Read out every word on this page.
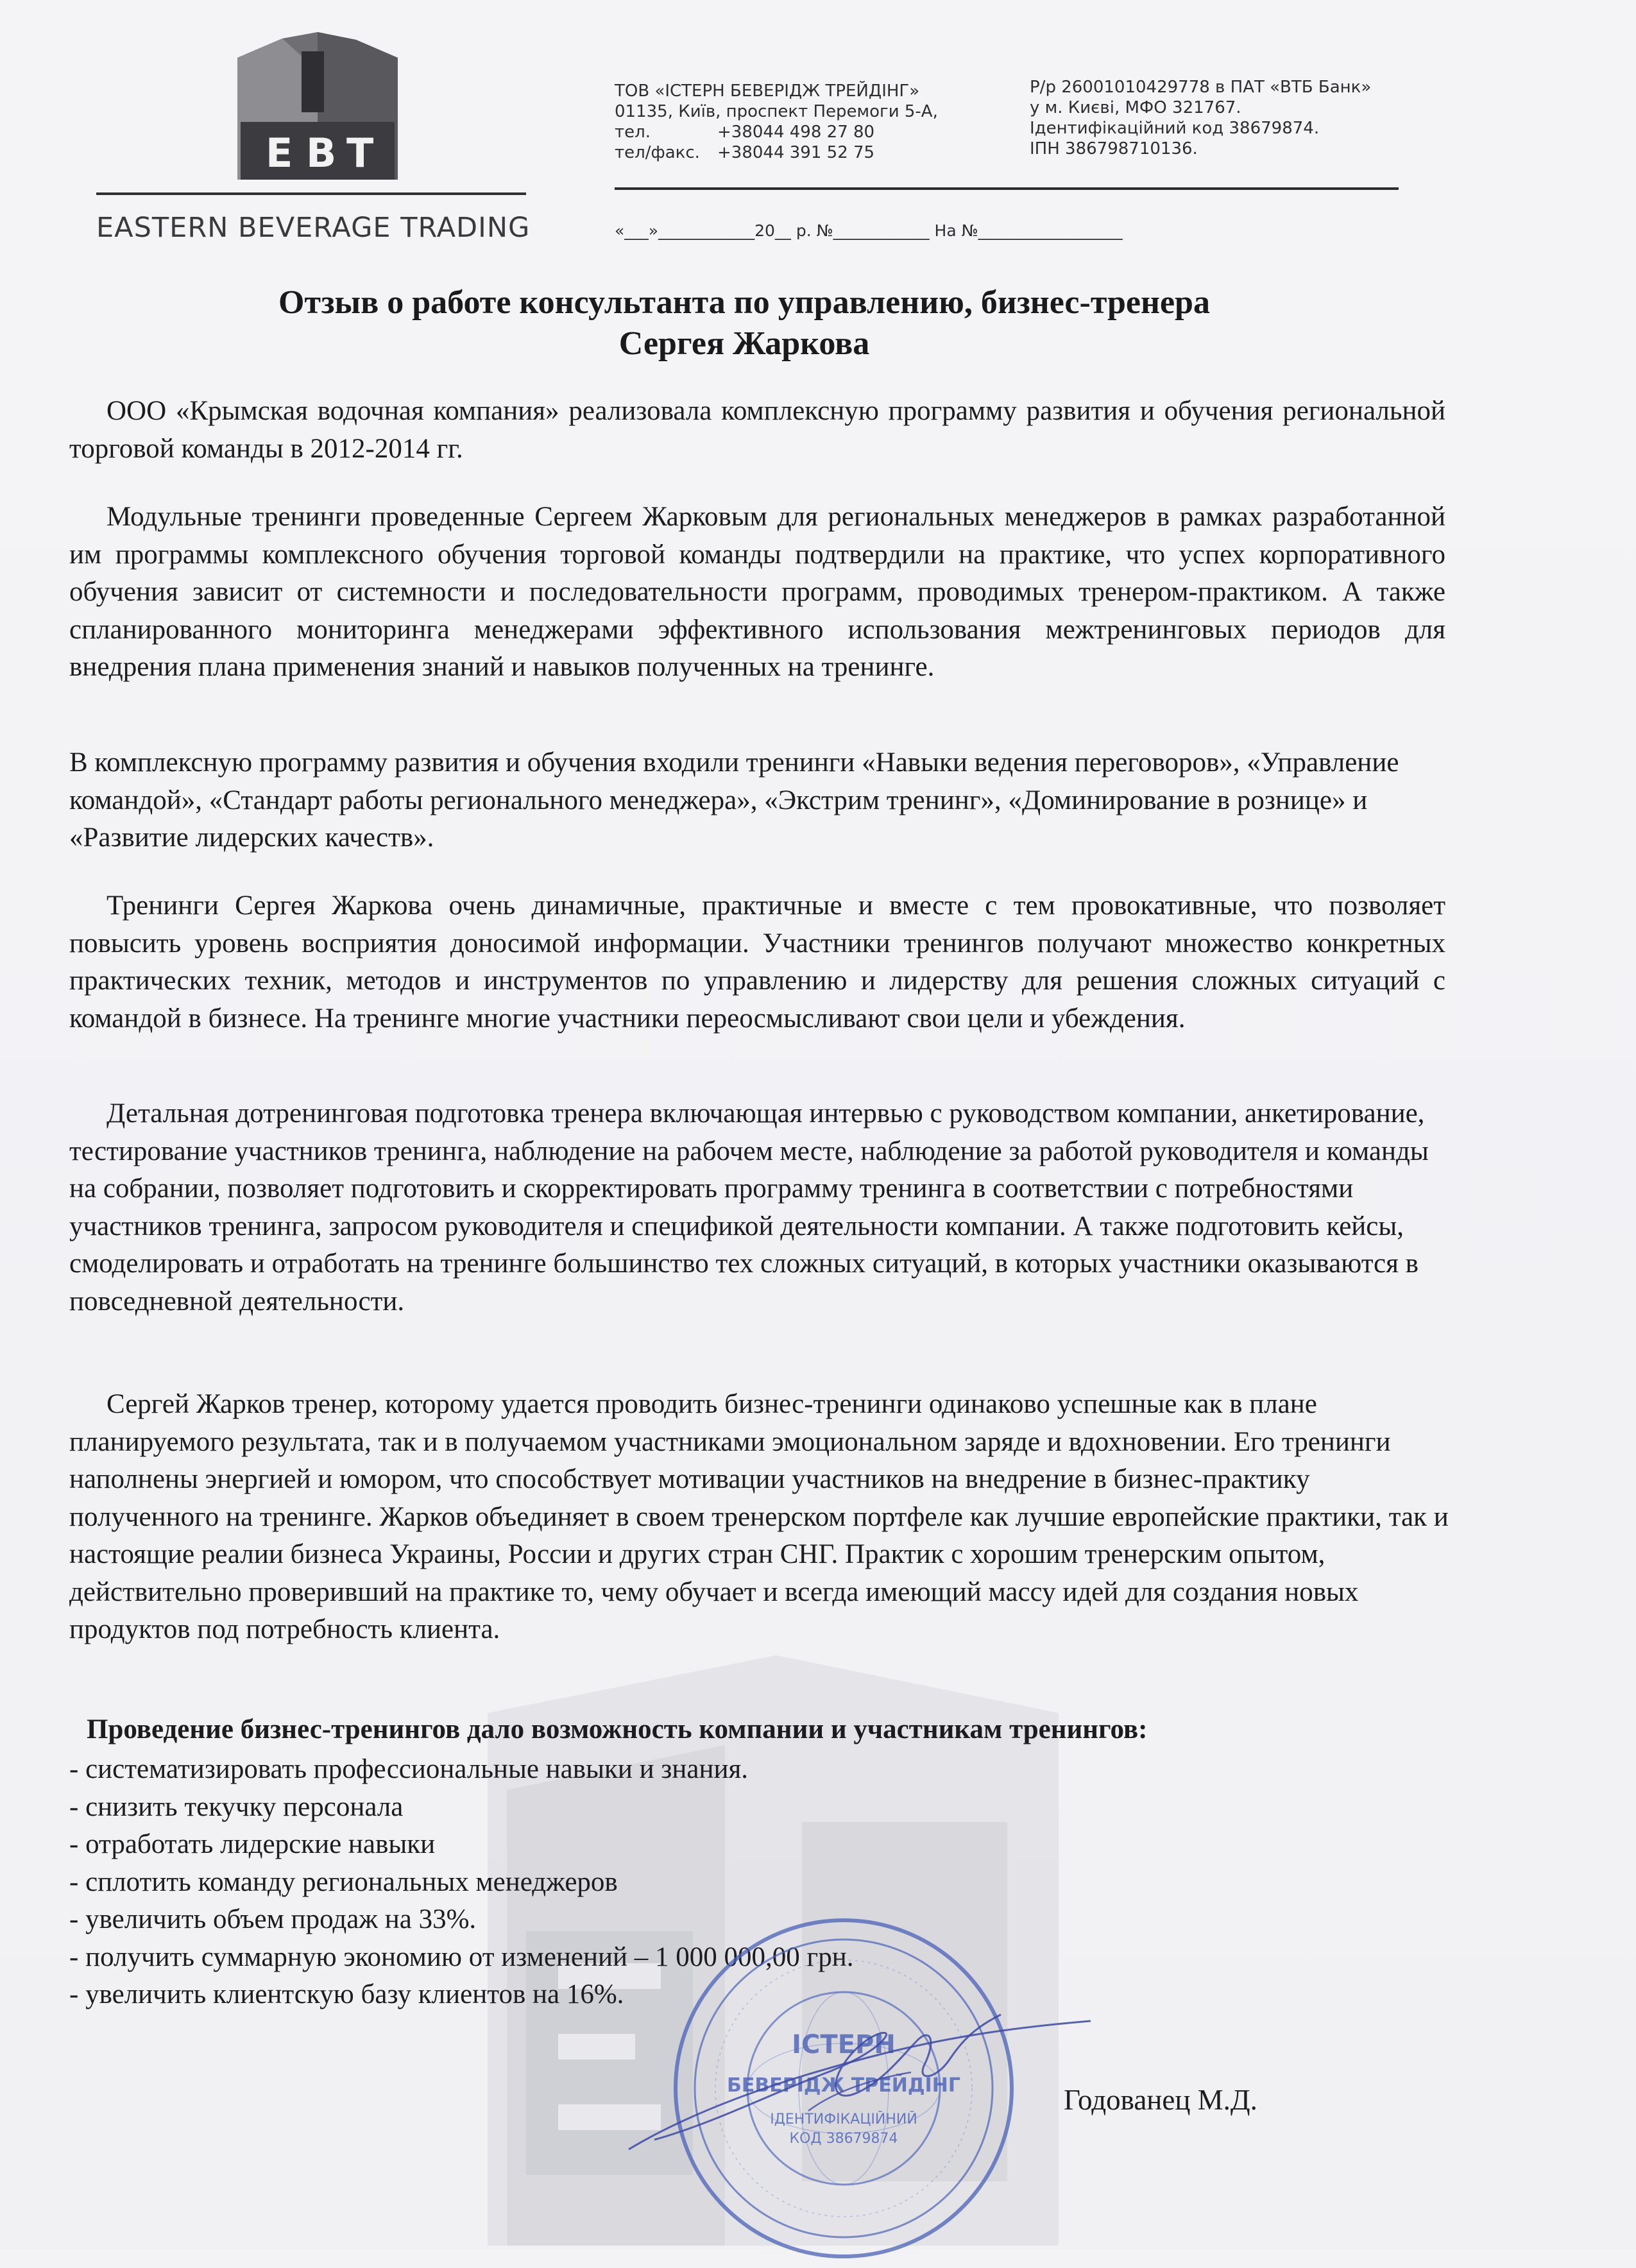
E B T
EASTERN BEVERAGE TRADING
ТОВ «ІСТЕРН БЕВЕРІДЖ ТРЕЙДІНГ»
01135, Київ, проспект Перемоги 5-А,
тел.	+38044 498 27 80
тел/факс. +38044 391 52 75
Р/р 26001010429778 в ПАТ «ВТБ Банк»
у м. Києві, МФО 321767.
Ідентифікаційний код 38679874.
ІПН 386798710136.
«___»____________20__ р. №____________ На №__________________
Отзыв о работе консультанта по управлению, бизнес-тренера
Сергея Жаркова
ООО «Крымская водочная компания» реализовала комплексную программу развития и обучения региональной торговой команды в 2012-2014 гг.
Модульные тренинги проведенные Сергеем Жарковым для региональных менеджеров в рамках разработанной им программы комплексного обучения торговой команды подтвердили на практике, что успех корпоративного обучения зависит от системности и последовательности программ, проводимых тренером-практиком. А также спланированного мониторинга менеджерами эффективного использования межтренинговых периодов для внедрения плана применения знаний и навыков полученных на тренинге.
В комплексную программу развития и обучения входили тренинги «Навыки ведения переговоров», «Управление командой», «Стандарт работы регионального менеджера», «Экстрим тренинг», «Доминирование в рознице» и «Развитие лидерских качеств».
Тренинги Сергея Жаркова очень динамичные, практичные и вместе с тем провокативные, что позволяет повысить уровень восприятия доносимой информации. Участники тренингов получают множество конкретных практических техник, методов и инструментов по управлению и лидерству для решения сложных ситуаций с командой в бизнесе. На тренинге многие участники переосмысливают свои цели и убеждения.
Детальная дотренинговая подготовка тренера включающая интервью с руководством компании, анкетирование, тестирование участников тренинга, наблюдение на рабочем месте, наблюдение за работой руководителя и команды на собрании, позволяет подготовить и скорректировать программу тренинга в соответствии с потребностями участников тренинга, запросом руководителя и спецификой деятельности компании. А также подготовить кейсы, смоделировать и отработать на тренинге большинство тех сложных ситуаций, в которых участники оказываются в повседневной деятельности.
Сергей Жарков тренер, которому удается проводить бизнес-тренинги одинаково успешные как в плане планируемого результата, так и в получаемом участниками эмоциональном заряде и вдохновении. Его тренинги наполнены энергией и юмором, что способствует мотивации участников на внедрение в бизнес-практику полученного на тренинге. Жарков объединяет в своем тренерском портфеле как лучшие европейские практики, так и настоящие реалии бизнеса Украины, России и других стран СНГ. Практик с хорошим тренерским опытом, действительно проверивший на практике то, чему обучает и всегда имеющий массу идей для создания новых продуктов под потребность клиента.
Проведение бизнес-тренингов дало возможность компании и участникам тренингов:
- систематизировать профессиональные навыки и знания.
- снизить текучку персонала
- отработать лидерские навыки
- сплотить команду региональных менеджеров
- увеличить объем продаж на 33%.
- получить суммарную экономию от изменений – 1 000 000,00 грн.
- увеличить клиентскую базу клиентов на 16%.
ІСТЕРН
БЕВЕРІДЖ ТРЕЙДІНГ
ІДЕНТИФІКАЦІЙНИЙ
КОД 38679874
Годованец М.Д.
